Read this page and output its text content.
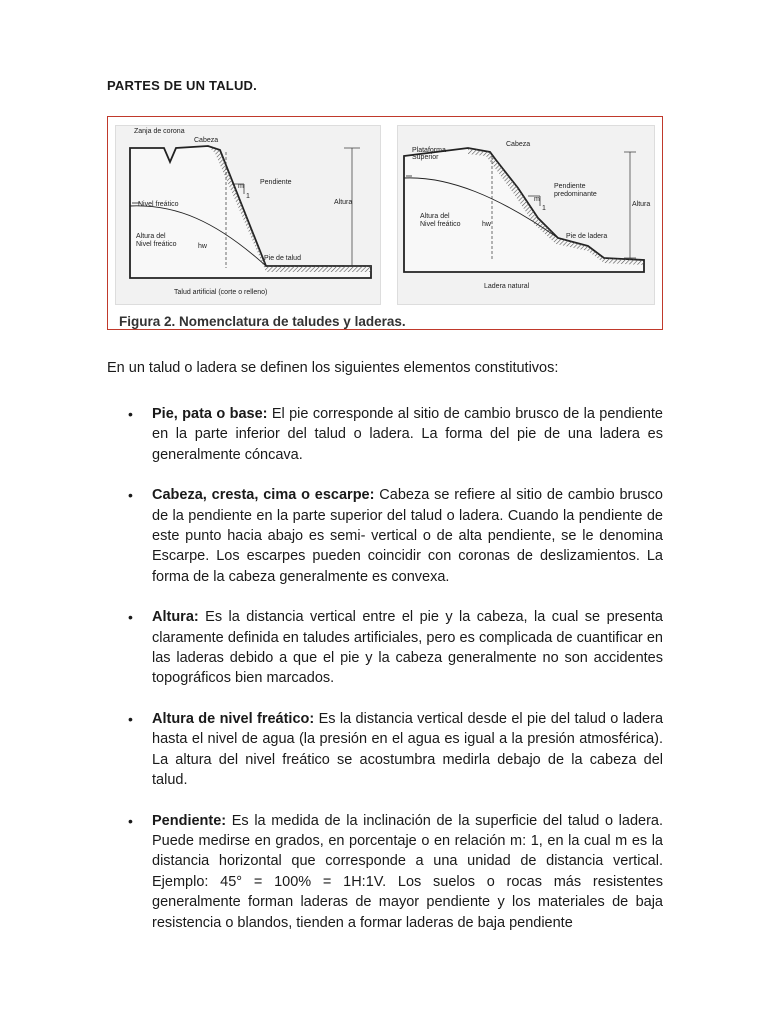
PARTES DE UN TALUD.
Zanja de corona
Cabeza
m
1
Pendiente
Nivel freático	Altura
Altura del
Nivel freático	hw
Pie de talud
Talud artificial (corte o relleno)
Plataforma
Superior
Cabeza
m
1
Pendiente
predominante
Altura
Altura del
Nivel freático	hw
Pie de ladera
Ladera natural
Figura 2. Nomenclatura de taludes y laderas.
En un talud o ladera se definen los siguientes elementos constitutivos:
• Pie, pata o base: El pie corresponde al sitio de cambio brusco de la pendiente en la parte inferior del talud o ladera. La forma del pie de una ladera es generalmente cóncava.
• Cabeza, cresta, cima o escarpe: Cabeza se refiere al sitio de cambio brusco de la pendiente en la parte superior del talud o ladera. Cuando la pendiente de este punto hacia abajo es semi- vertical o de alta pendiente, se le denomina Escarpe. Los escarpes pueden coincidir con coronas de deslizamientos. La forma de la cabeza generalmente es convexa.
• Altura: Es la distancia vertical entre el pie y la cabeza, la cual se presenta claramente definida en taludes artificiales, pero es complicada de cuantificar en las laderas debido a que el pie y la cabeza generalmente no son accidentes topográficos bien marcados.
• Altura de nivel freático: Es la distancia vertical desde el pie del talud o ladera hasta el nivel de agua (la presión en el agua es igual a la presión atmosférica). La altura del nivel freático se acostumbra medirla debajo de la cabeza del talud.
• Pendiente: Es la medida de la inclinación de la superficie del talud o ladera. Puede medirse en grados, en porcentaje o en relación m: 1, en la cual m es la distancia horizontal que corresponde a una unidad de distancia vertical. Ejemplo: 45° = 100% = 1H:1V. Los suelos o rocas más resistentes generalmente forman laderas de mayor pendiente y los materiales de baja resistencia o blandos, tienden a formar laderas de baja pendiente
